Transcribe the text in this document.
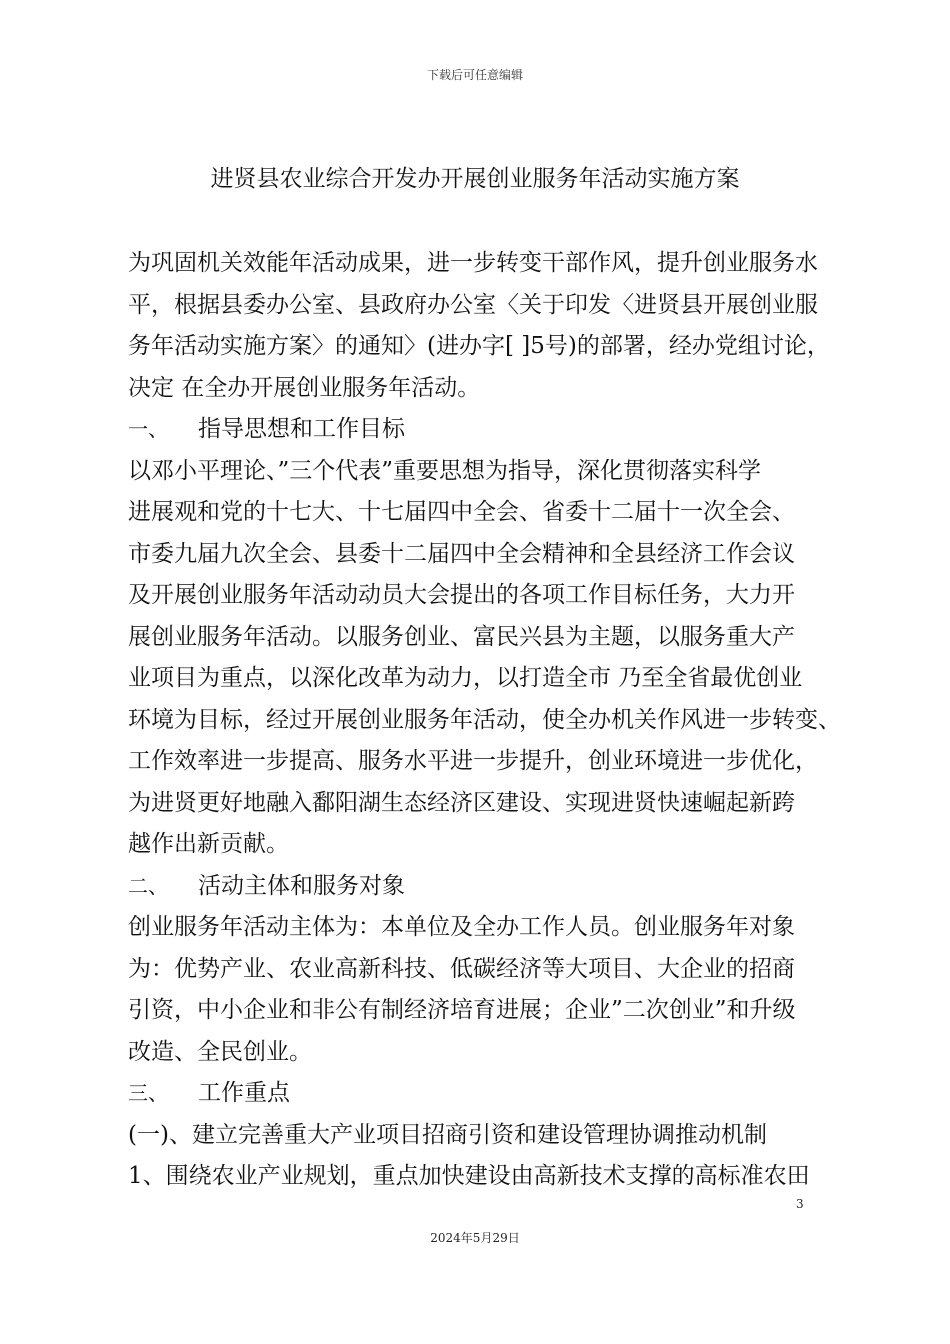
下载后可任意编辑
进贤县农业综合开发办开展创业服务年活动实施方案
为巩固机关效能年活动成果，进一步转变干部作风，提升创业服务水
平，根据县委办公室、县政府办公室〈关于印发〈进贤县开展创业服
务年活动实施方案〉的通知〉(进办字[ ]5号)的部署，经办党组讨论，
决定 在全办开展创业服务年活动。
一、 指导思想和工作目标
以邓小平理论、”三个代表”重要思想为指导，深化贯彻落实科学
进展观和党的十七大、十七届四中全会、省委十二届十一次全会、
市委九届九次全会、县委十二届四中全会精神和全县经济工作会议
及开展创业服务年活动动员大会提出的各项工作目标任务，大力开
展创业服务年活动。以服务创业、富民兴县为主题，以服务重大产
业项目为重点，以深化改革为动力，以打造全市 乃至全省最优创业
环境为目标，经过开展创业服务年活动，使全办机关作风进一步转变、
工作效率进一步提高、服务水平进一步提升，创业环境进一步优化，
为进贤更好地融入鄱阳湖生态经济区建设、实现进贤快速崛起新跨
越作出新贡献。
二、 活动主体和服务对象
创业服务年活动主体为：本单位及全办工作人员。创业服务年对象
为：优势产业、农业高新科技、低碳经济等大项目、大企业的招商
引资，中小企业和非公有制经济培育进展；企业”二次创业”和升级
改造、全民创业。
三、 工作重点
(一)、建立完善重大产业项目招商引资和建设管理协调推动机制
1、围绕农业产业规划，重点加快建设由高新技术支撑的高标准农田
3
2024年5月29日
